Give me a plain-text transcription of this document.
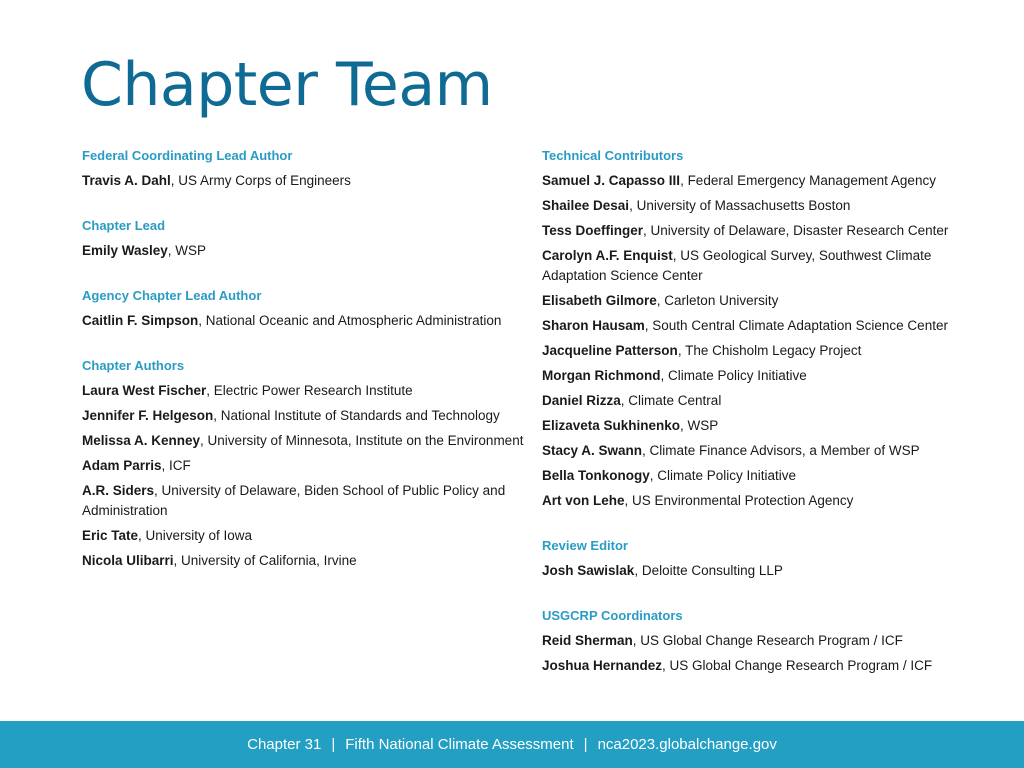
Chapter Team
Federal Coordinating Lead Author
Travis A. Dahl, US Army Corps of Engineers
Chapter Lead
Emily Wasley, WSP
Agency Chapter Lead Author
Caitlin F. Simpson, National Oceanic and Atmospheric Administration
Chapter Authors
Laura West Fischer, Electric Power Research Institute
Jennifer F. Helgeson, National Institute of Standards and Technology
Melissa A. Kenney, University of Minnesota, Institute on the Environment
Adam Parris, ICF
A.R. Siders, University of Delaware, Biden School of Public Policy and Administration
Eric Tate, University of Iowa
Nicola Ulibarri, University of California, Irvine
Technical Contributors
Samuel J. Capasso III, Federal Emergency Management Agency
Shailee Desai, University of Massachusetts Boston
Tess Doeffinger, University of Delaware, Disaster Research Center
Carolyn A.F. Enquist, US Geological Survey, Southwest Climate Adaptation Science Center
Elisabeth Gilmore, Carleton University
Sharon Hausam, South Central Climate Adaptation Science Center
Jacqueline Patterson, The Chisholm Legacy Project
Morgan Richmond, Climate Policy Initiative
Daniel Rizza, Climate Central
Elizaveta Sukhinenko, WSP
Stacy A. Swann, Climate Finance Advisors, a Member of WSP
Bella Tonkonogy, Climate Policy Initiative
Art von Lehe, US Environmental Protection Agency
Review Editor
Josh Sawislak, Deloitte Consulting LLP
USGCRP Coordinators
Reid Sherman, US Global Change Research Program / ICF
Joshua Hernandez, US Global Change Research Program / ICF
Chapter 31 | Fifth National Climate Assessment | nca2023.globalchange.gov
